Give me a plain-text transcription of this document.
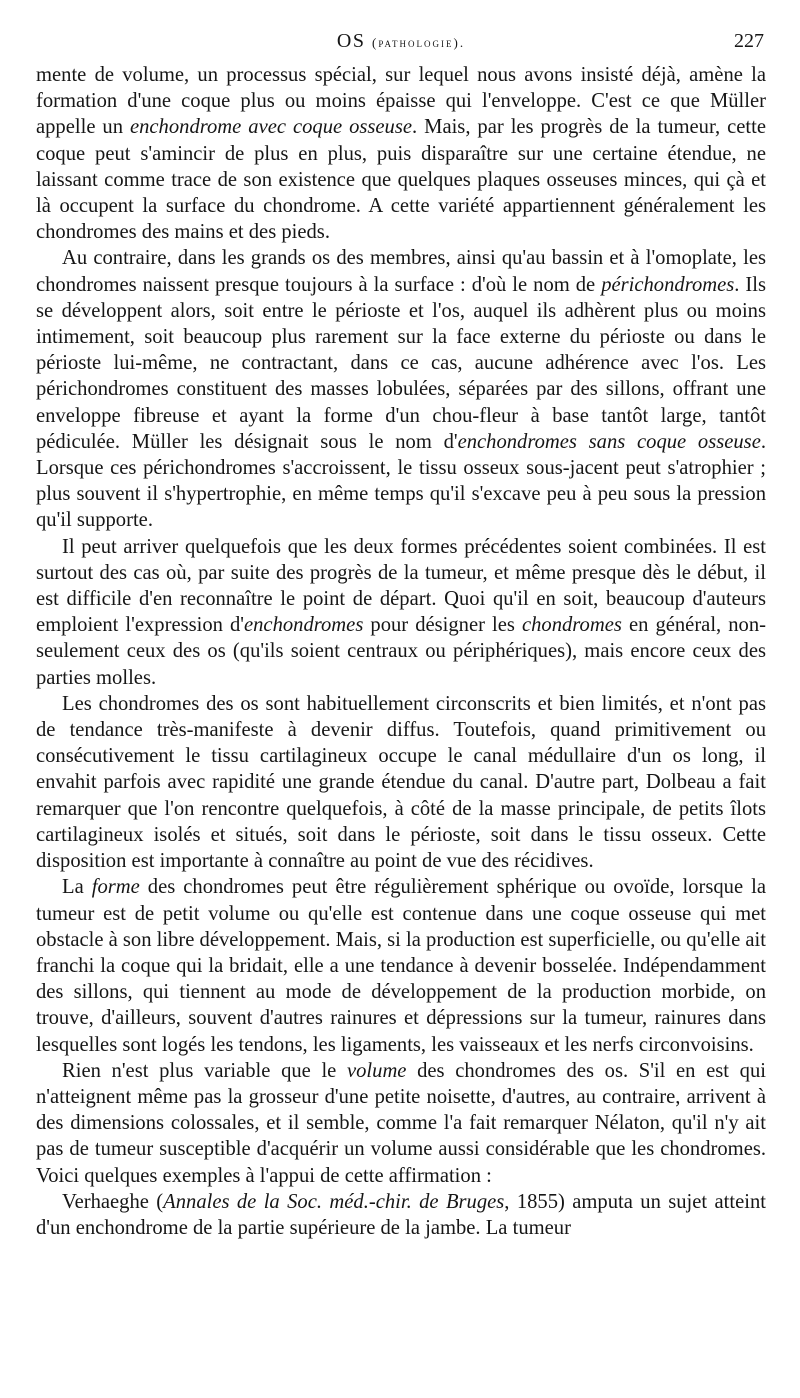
OS (pathologie).	227

mente de volume, un processus spécial, sur lequel nous avons insisté déjà, amène la formation d'une coque plus ou moins épaisse qui l'enveloppe. C'est ce que Müller appelle un enchondrome avec coque osseuse. Mais, par les progrès de la tumeur, cette coque peut s'amincir de plus en plus, puis disparaître sur une certaine étendue, ne laissant comme trace de son existence que quelques plaques osseuses minces, qui çà et là occupent la surface du chondrome. A cette variété appartiennent généralement les chondromes des mains et des pieds.

Au contraire, dans les grands os des membres, ainsi qu'au bassin et à l'omoplate, les chondromes naissent presque toujours à la surface : d'où le nom de périchondromes. Ils se développent alors, soit entre le périoste et l'os, auquel ils adhèrent plus ou moins intimement, soit beaucoup plus rarement sur la face externe du périoste ou dans le périoste lui-même, ne contractant, dans ce cas, aucune adhérence avec l'os. Les périchondromes constituent des masses lobulées, séparées par des sillons, offrant une enveloppe fibreuse et ayant la forme d'un chou-fleur à base tantôt large, tantôt pédiculée. Müller les désignait sous le nom d'enchondromes sans coque osseuse. Lorsque ces périchondromes s'accroissent, le tissu osseux sous-jacent peut s'atrophier ; plus souvent il s'hypertrophie, en même temps qu'il s'excave peu à peu sous la pression qu'il supporte.

Il peut arriver quelquefois que les deux formes précédentes soient combinées. Il est surtout des cas où, par suite des progrès de la tumeur, et même presque dès le début, il est difficile d'en reconnaître le point de départ. Quoi qu'il en soit, beaucoup d'auteurs emploient l'expression d'enchondromes pour désigner les chondromes en général, non-seulement ceux des os (qu'ils soient centraux ou périphériques), mais encore ceux des parties molles.

Les chondromes des os sont habituellement circonscrits et bien limités, et n'ont pas de tendance très-manifeste à devenir diffus. Toutefois, quand primitivement ou consécutivement le tissu cartilagineux occupe le canal médullaire d'un os long, il envahit parfois avec rapidité une grande étendue du canal. D'autre part, Dolbeau a fait remarquer que l'on rencontre quelquefois, à côté de la masse principale, de petits îlots cartilagineux isolés et situés, soit dans le périoste, soit dans le tissu osseux. Cette disposition est importante à connaître au point de vue des récidives.

La forme des chondromes peut être régulièrement sphérique ou ovoïde, lorsque la tumeur est de petit volume ou qu'elle est contenue dans une coque osseuse qui met obstacle à son libre développement. Mais, si la production est superficielle, ou qu'elle ait franchi la coque qui la bridait, elle a une tendance à devenir bosselée. Indépendamment des sillons, qui tiennent au mode de développement de la production morbide, on trouve, d'ailleurs, souvent d'autres rainures et dépressions sur la tumeur, rainures dans lesquelles sont logés les tendons, les ligaments, les vaisseaux et les nerfs circonvoisins.

Rien n'est plus variable que le volume des chondromes des os. S'il en est qui n'atteignent même pas la grosseur d'une petite noisette, d'autres, au contraire, arrivent à des dimensions colossales, et il semble, comme l'a fait remarquer Nélaton, qu'il n'y ait pas de tumeur susceptible d'acquérir un volume aussi considérable que les chondromes. Voici quelques exemples à l'appui de cette affirmation :

Verhaeghe (Annales de la Soc. méd.-chir. de Bruges, 1855) amputa un sujet atteint d'un enchondrome de la partie supérieure de la jambe. La tumeur
